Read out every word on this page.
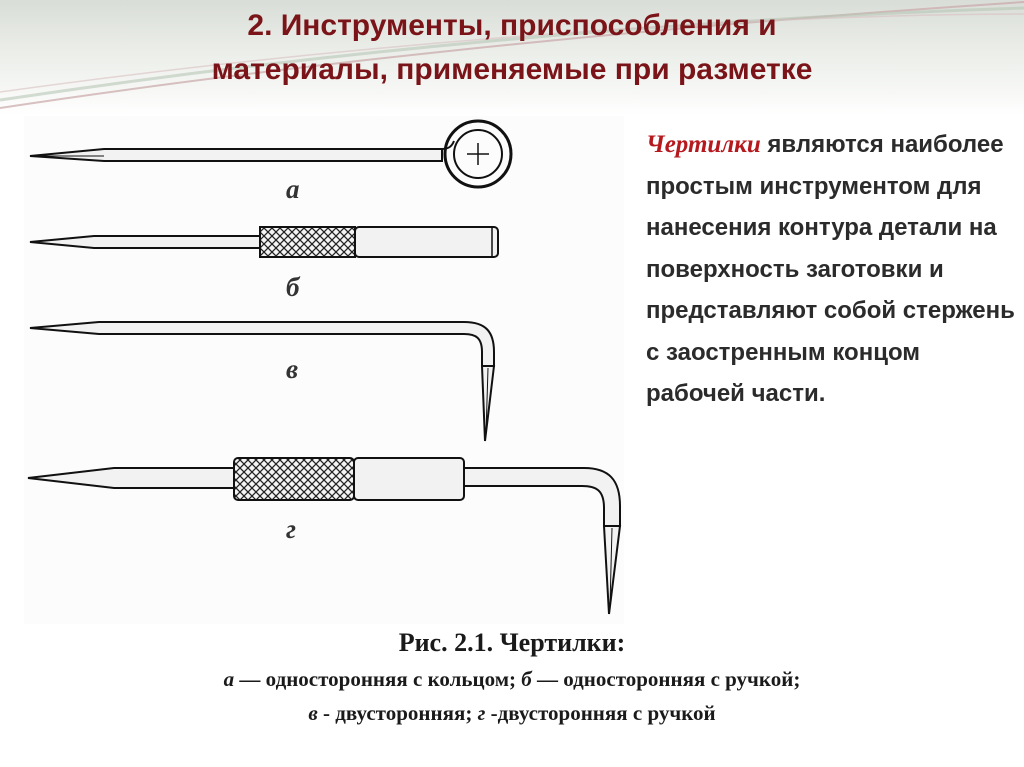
2. Инструменты, приспособления и
материалы, применяемые при разметке
а
б
в
г
Чертилки являются наиболее простым инструментом для нанесения контура детали на поверхность заготовки и представляют собой стержень с заостренным концом рабочей части.
Рис. 2.1. Чертилки:
а — односторонняя с кольцом; б — односторонняя с ручкой;
в - двусторонняя; г -двусторонняя с ручкой
